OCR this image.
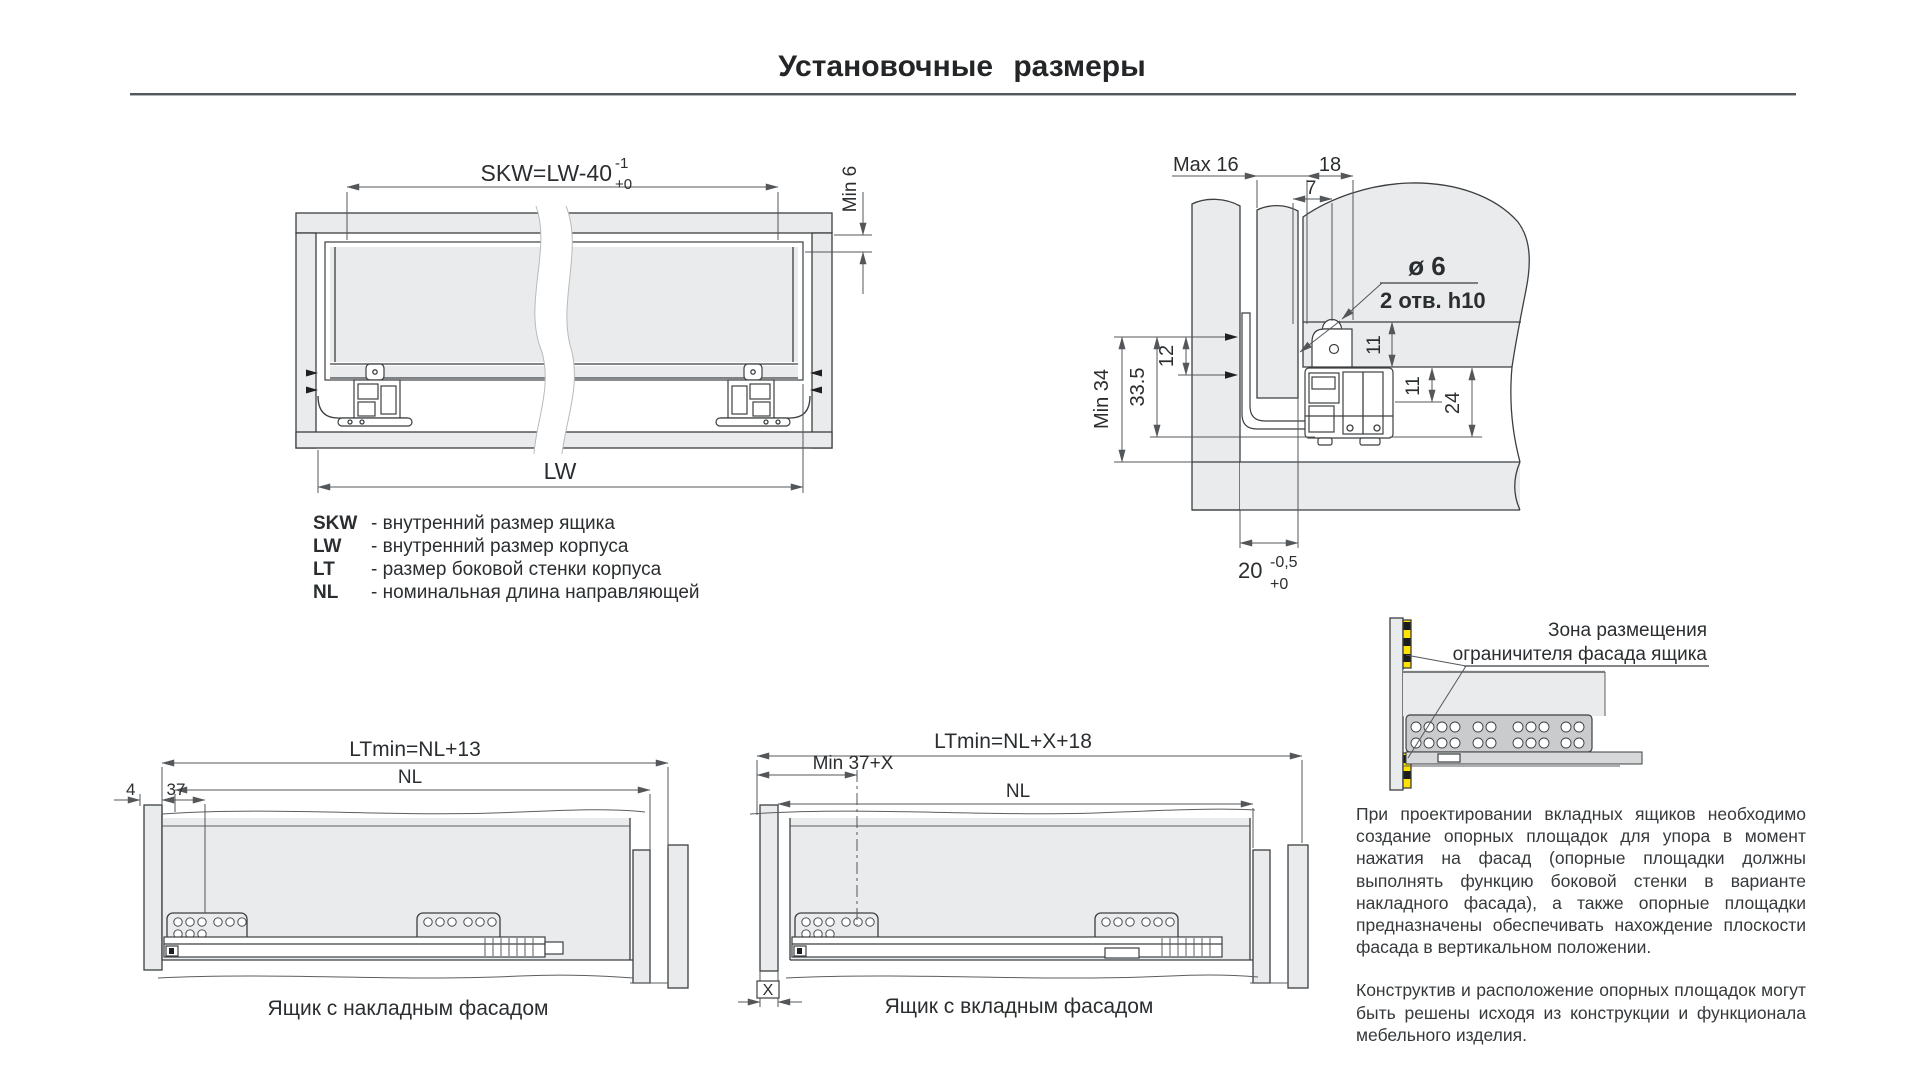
Установочные размеры
SKW=LW-40 -1
+0	Min 6
LW
Max 16	18
7
ø 6
2 отв. h10
12
33.5
Min 34
11
11
24
20 -0,5
+0
LTmin=NL+13
NL
4 37
Ящик с накладным фасадом
LTmin=NL+X+18
Min 37+X
NL
X
Ящик с вкладным фасадом
Зона размещения
ограничителя фасада ящика
SKW - внутренний размер ящика
LW - внутренний размер корпуса
LT - размер боковой стенки корпуса
NL - номинальная длина направляющей

При проектировании вкладных ящиков необходимо создание опорных площадок для упора в момент нажатия на фасад (опорные площадки должны выполнять функцию боковой стенки в варианте накладного фасада), а также опорные площадки предназначены обеспечивать нахождение плоскости фасада в вертикальном положении.

Конструктив и расположение опорных площадок могут быть решены исходя из конструкции и функционала мебельного изделия.
